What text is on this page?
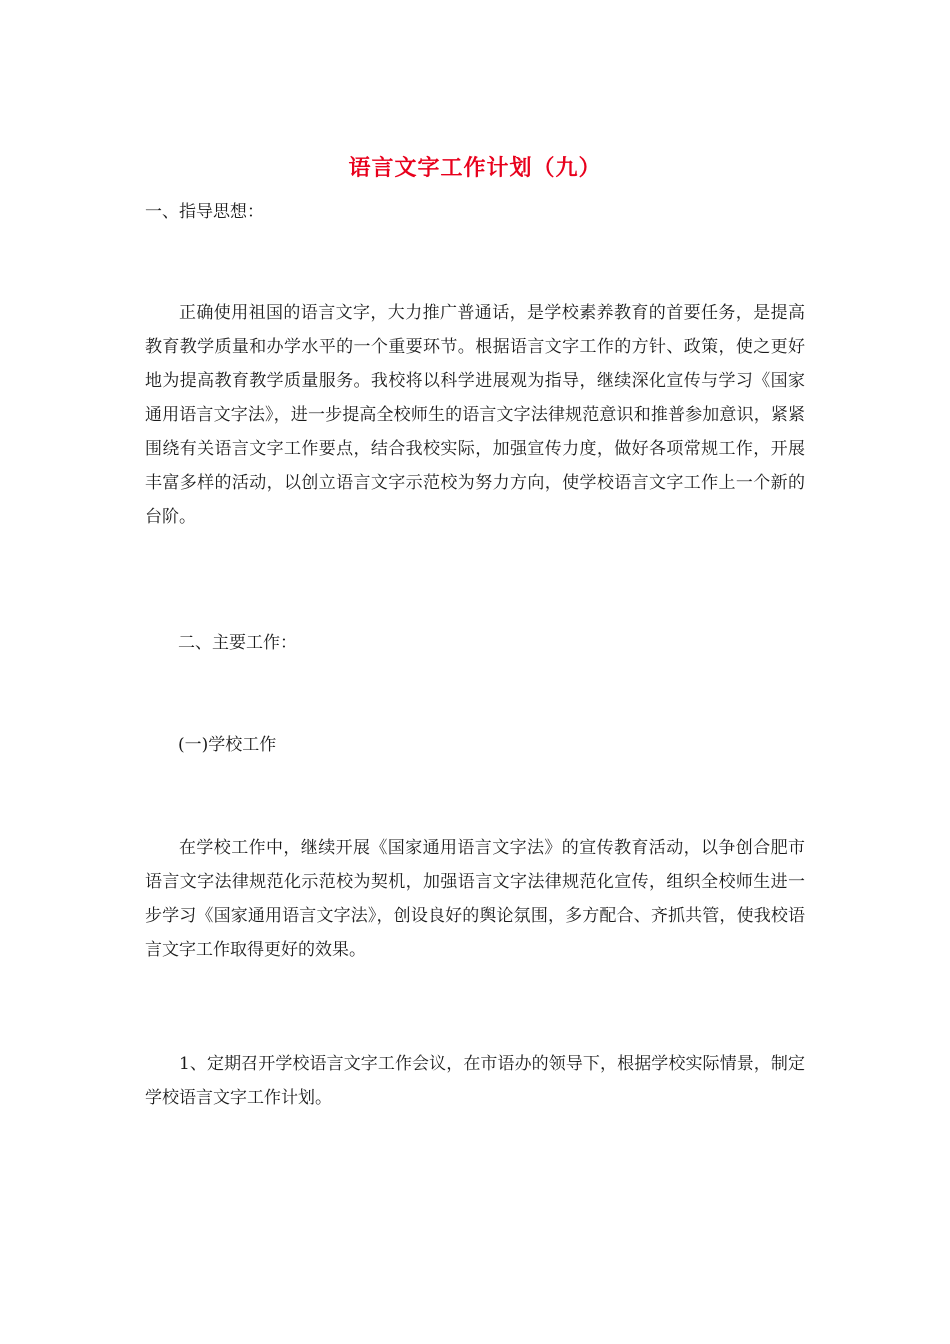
语言文字工作计划（九）

一、指导思想：

正确使用祖国的语言文字，大力推广普通话，是学校素养教育的首要任务，是提高教育教学质量和办学水平的一个重要环节。根据语言文字工作的方针、政策，使之更好地为提高教育教学质量服务。我校将以科学进展观为指导，继续深化宣传与学习《国家通用语言文字法》，进一步提高全校师生的语言文字法律规范意识和推普参加意识，紧紧围绕有关语言文字工作要点，结合我校实际，加强宣传力度，做好各项常规工作，开展丰富多样的活动，以创立语言文字示范校为努力方向，使学校语言文字工作上一个新的台阶。

二、主要工作：

(一)学校工作

在学校工作中，继续开展《国家通用语言文字法》的宣传教育活动，以争创合肥市语言文字法律规范化示范校为契机，加强语言文字法律规范化宣传，组织全校师生进一步学习《国家通用语言文字法》，创设良好的舆论氛围，多方配合、齐抓共管，使我校语言文字工作取得更好的效果。

1、定期召开学校语言文字工作会议，在市语办的领导下，根据学校实际情景，制定学校语言文字工作计划。
